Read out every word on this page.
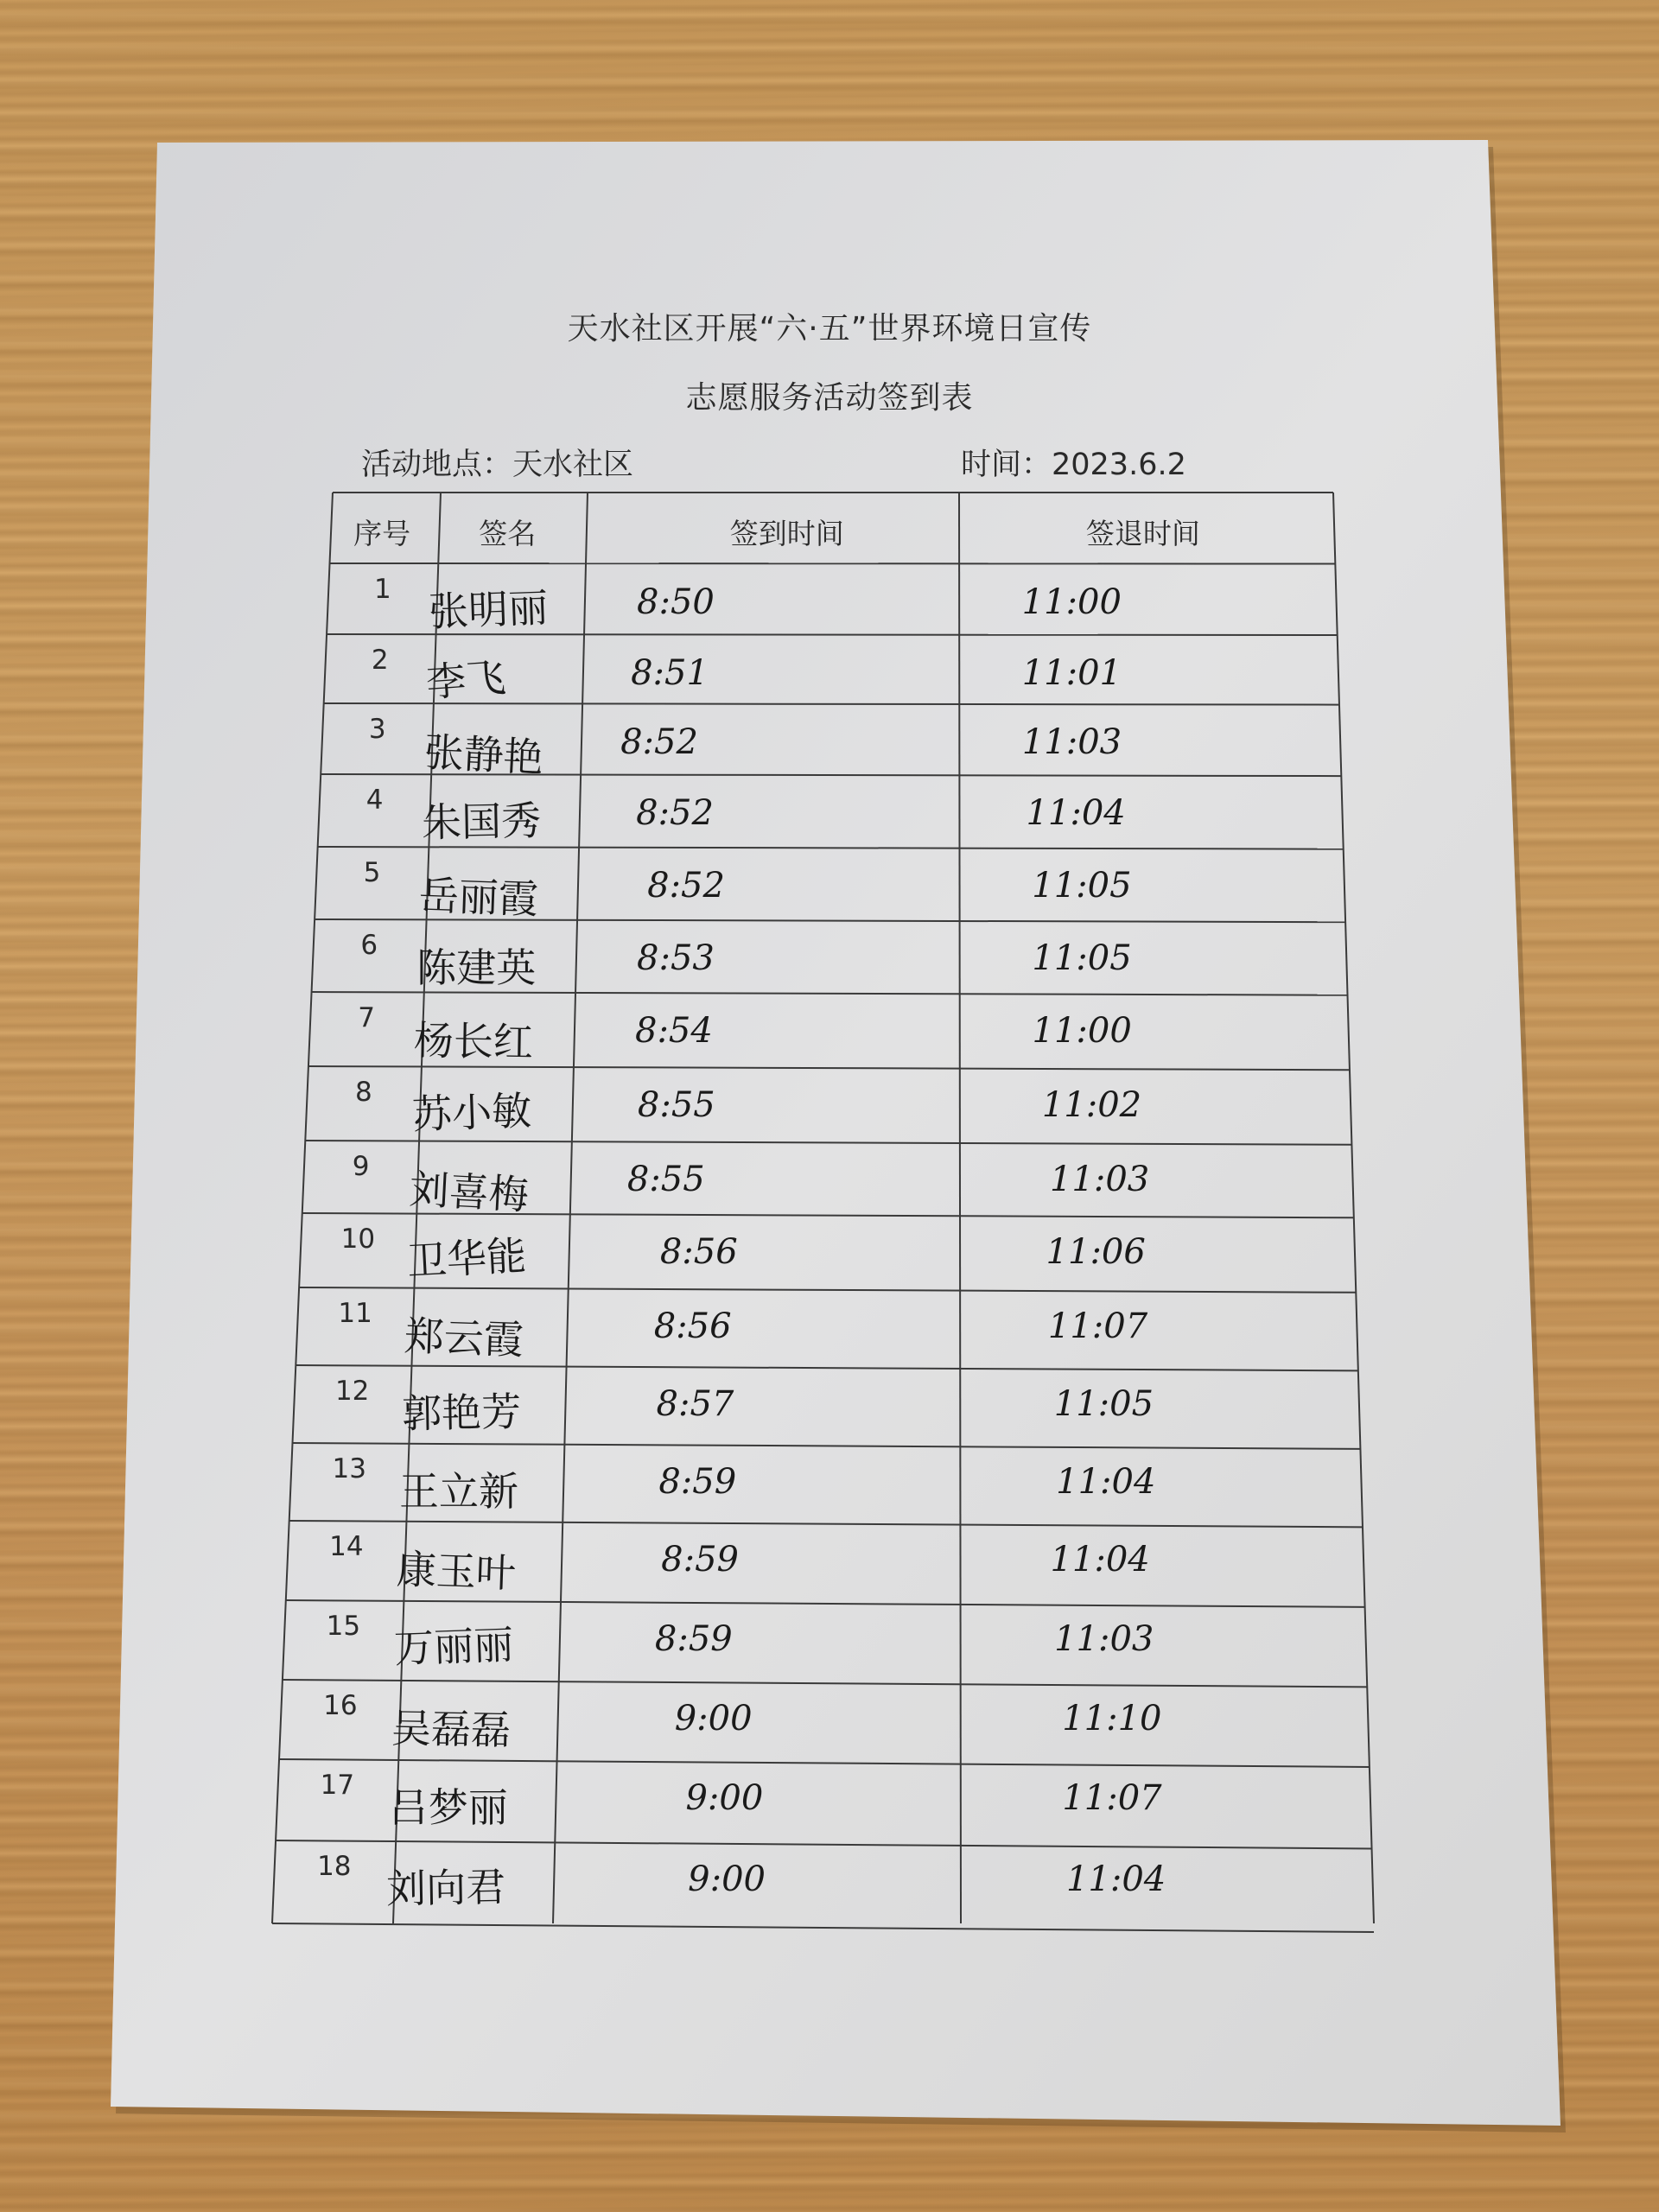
天水社区开展“六·五”世界环境日宣传
志愿服务活动签到表
活动地点：天水社区	时间：2023.6.2
序号 签名	签到时间	签退时间
1 张明丽	8:50	11:00
2 李飞	8:51	11:01
3 张静艳 8:52	11:03
4 朱国秀	8:52	11:04
5 岳丽霞	8:52	11:05
6 陈建英	8:53	11:05
7 杨长红	8:54	11:00
8 苏小敏	8:55	11:02
9 刘喜梅	8:55	11:03
10 卫华能	8:56	11:06
11 郑云霞	8:56	11:07
12 郭艳芳	8:57	11:05
13 王立新	8:59	11:04
14 康玉叶	8:59	11:04
15 万丽丽	8:59	11:03
16 吴磊磊	9:00	11:10
17 吕梦丽	9:00	11:07
18 刘向君	9:00	11:04
